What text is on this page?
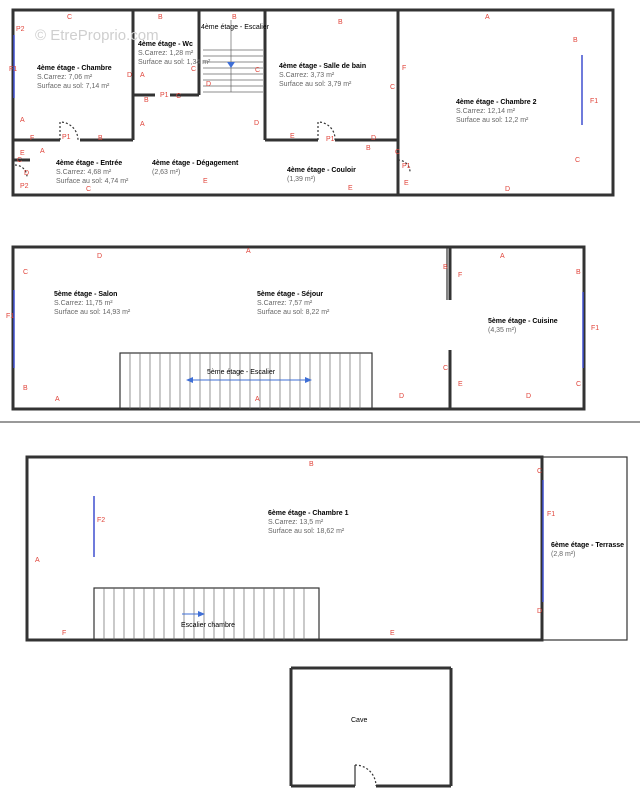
© EtreProprio.com
4ème étage - Chambre
S.Carrez: 7,06 m²
Surface au sol: 7,14 m²
4ème étage - Wc
S.Carrez: 1,28 m²
Surface au sol: 1,34 m²
4ème étage - Escalier
4ème étage - Salle de bain
S.Carrez: 3,73 m²
Surface au sol: 3,79 m²
4ème étage - Chambre 2
S.Carrez: 12,14 m²
Surface au sol: 12,2 m²
4ème étage - Entrée
S.Carrez: 4,68 m²
Surface au sol: 4,74 m²
4ème étage - Dégagement
(2,63 m²)	4ème étage - Couloir
(1,39 m²)
5ème étage - Salon
S.Carrez: 11,75 m²
Surface au sol: 14,93 m²
5ème étage - Séjour
S.Carrez: 7,57 m²
Surface au sol: 8,22 m²
5ème étage - Cuisine
(4,35 m²)
5ème étage - Escalier
6ème étage - Chambre 1
S.Carrez: 13,5 m²
Surface au sol: 18,62 m²
6ème étage - Terrasse
(2,8 m²)
Escalier chambre
Cave
C	B	B
B
A
B
P2
F1
D A
D
C	C	F
C
C
B
P1
A
A	D
F	B	E
B
D
P1
P1
F1
C
E A	C
C
D
P2
E
E	D
P1
E
C
D
A
A
B
F
C	B
F1
F1
C
C
E
B
A	A	D	D
B
C
F1
F2
A
D
F	E
